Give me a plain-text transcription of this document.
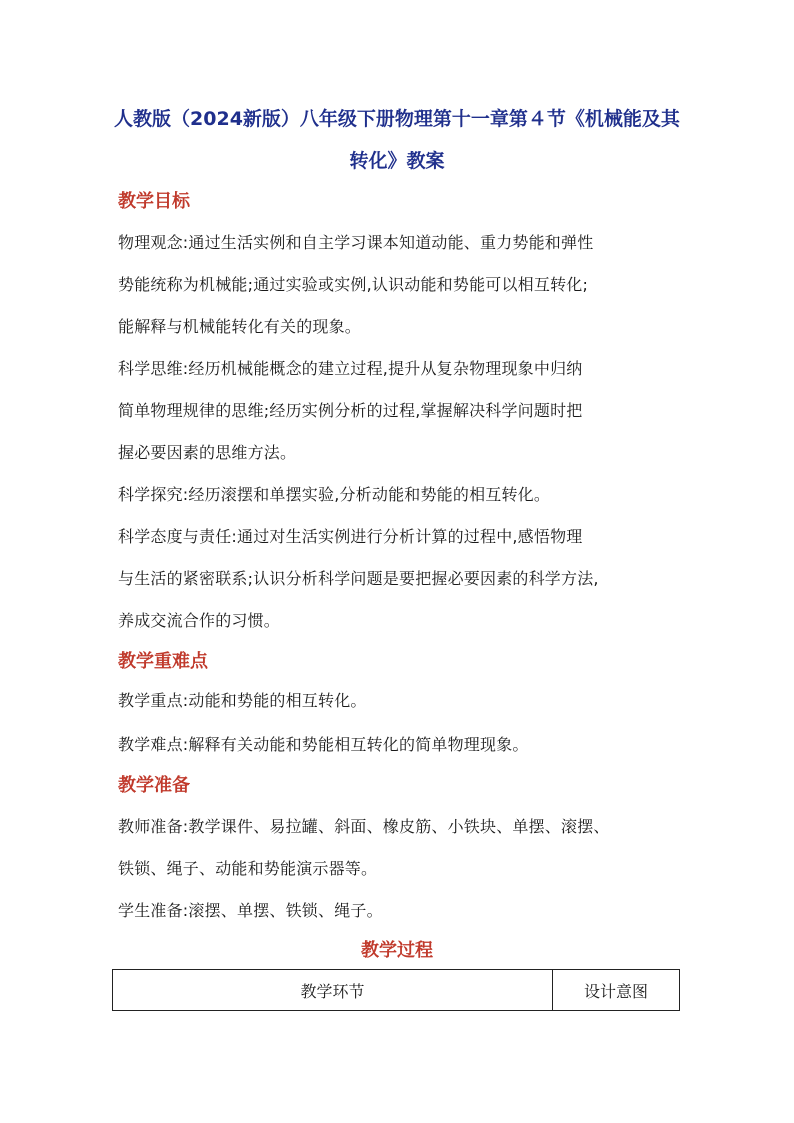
人教版（2024新版）八年级下册物理第十一章第４节《机械能及其
转化》教案
教学目标
物理观念:通过生活实例和自主学习课本知道动能、重力势能和弹性
势能统称为机械能;通过实验或实例,认识动能和势能可以相互转化;
能解释与机械能转化有关的现象。
科学思维:经历机械能概念的建立过程,提升从复杂物理现象中归纳
简单物理规律的思维;经历实例分析的过程,掌握解决科学问题时把
握必要因素的思维方法。
科学探究:经历滚摆和单摆实验,分析动能和势能的相互转化。
科学态度与责任:通过对生活实例进行分析计算的过程中,感悟物理
与生活的紧密联系;认识分析科学问题是要把握必要因素的科学方法,
养成交流合作的习惯。
教学重难点
教学重点:动能和势能的相互转化。
教学难点:解释有关动能和势能相互转化的简单物理现象。
教学准备
教师准备:教学课件、易拉罐、斜面、橡皮筋、小铁块、单摆、滚摆、
铁锁、绳子、动能和势能演示器等。
学生准备:滚摆、单摆、铁锁、绳子。
教学过程
教学环节	设计意图
